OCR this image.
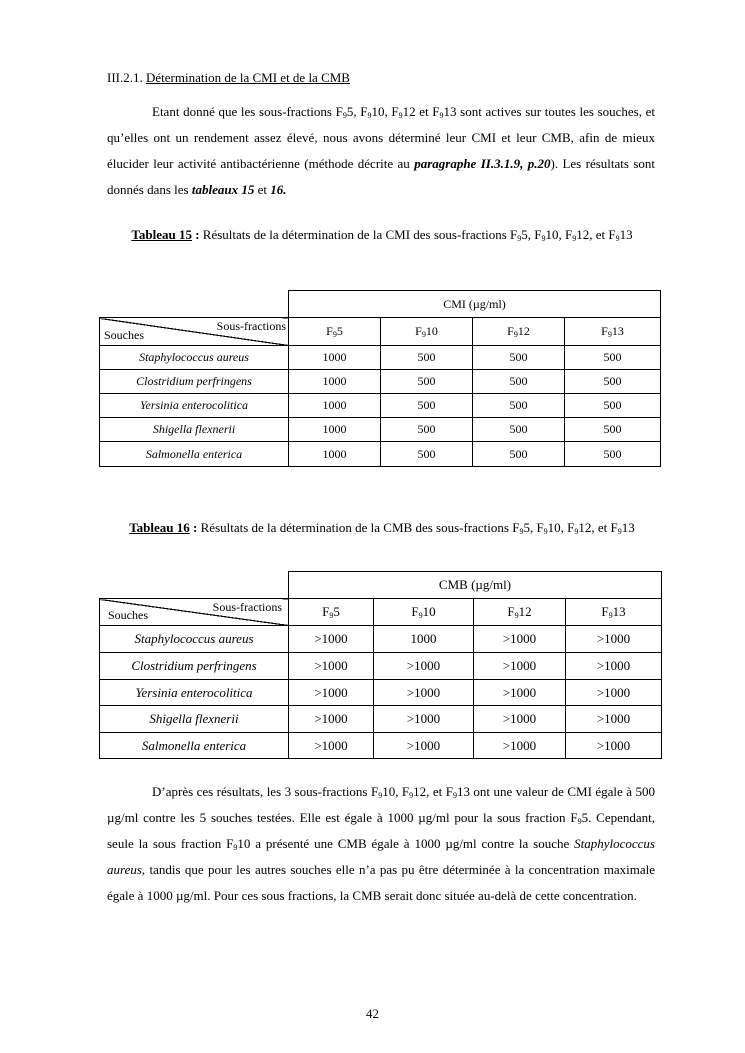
III.2.1. Détermination de la CMI et de la CMB

Etant donné que les sous-fractions $F_95$, $F_910$, $F_912$ et $F_913$ sont actives sur toutes les souches, et qu’elles ont un rendement assez élevé, nous avons déterminé leur CMI et leur CMB, afin de mieux élucider leur activité antibactérienne (méthode décrite au paragraphe II.3.1.9, p.20). Les résultats sont donnés dans les tableaux 15 et 16.

Tableau 15 : Résultats de la détermination de la CMI des sous-fractions $F_95$, $F_910$, $F_912$, et $F_913$
	CMI (µg/ml)			

Sous-fractions
Souches	$F_95$	$F_910$	$F_912$	$F_913$
Staphylococcus aureus	1000	500	500	500
Clostridium perfringens	1000	500	500	500
Yersinia enterocolitica	1000	500	500	500
Shigella flexnerii	1000	500	500	500
Salmonella enterica	1000	500	500	500
Tableau 16 : Résultats de la détermination de la CMB des sous-fractions $F_95$, $F_910$, $F_912$, et $F_913$
	CMB (µg/ml)			

Sous-fractions
Souches	$F_95$	$F_910$	$F_912$	$F_913$
Staphylococcus aureus	>1000	1000	>1000	>1000
Clostridium perfringens	>1000	>1000	>1000	>1000
Yersinia enterocolitica	>1000	>1000	>1000	>1000
Shigella flexnerii	>1000	>1000	>1000	>1000
Salmonella enterica	>1000	>1000	>1000	>1000

D’après ces résultats, les 3 sous-fractions $F_910$, $F_912$, et $F_913$ ont une valeur de CMI égale à 500 µg/ml contre les 5 souches testées. Elle est égale à 1000 µg/ml pour la sous fraction $F_95$. Cependant, seule la sous fraction $F_910$ a présenté une CMB égale à 1000 µg/ml contre la souche Staphylococcus aureus, tandis que pour les autres souches elle n’a pas pu être déterminée à la concentration maximale égale à 1000 µg/ml. Pour ces sous fractions, la CMB serait donc située au-delà de cette concentration.

42
